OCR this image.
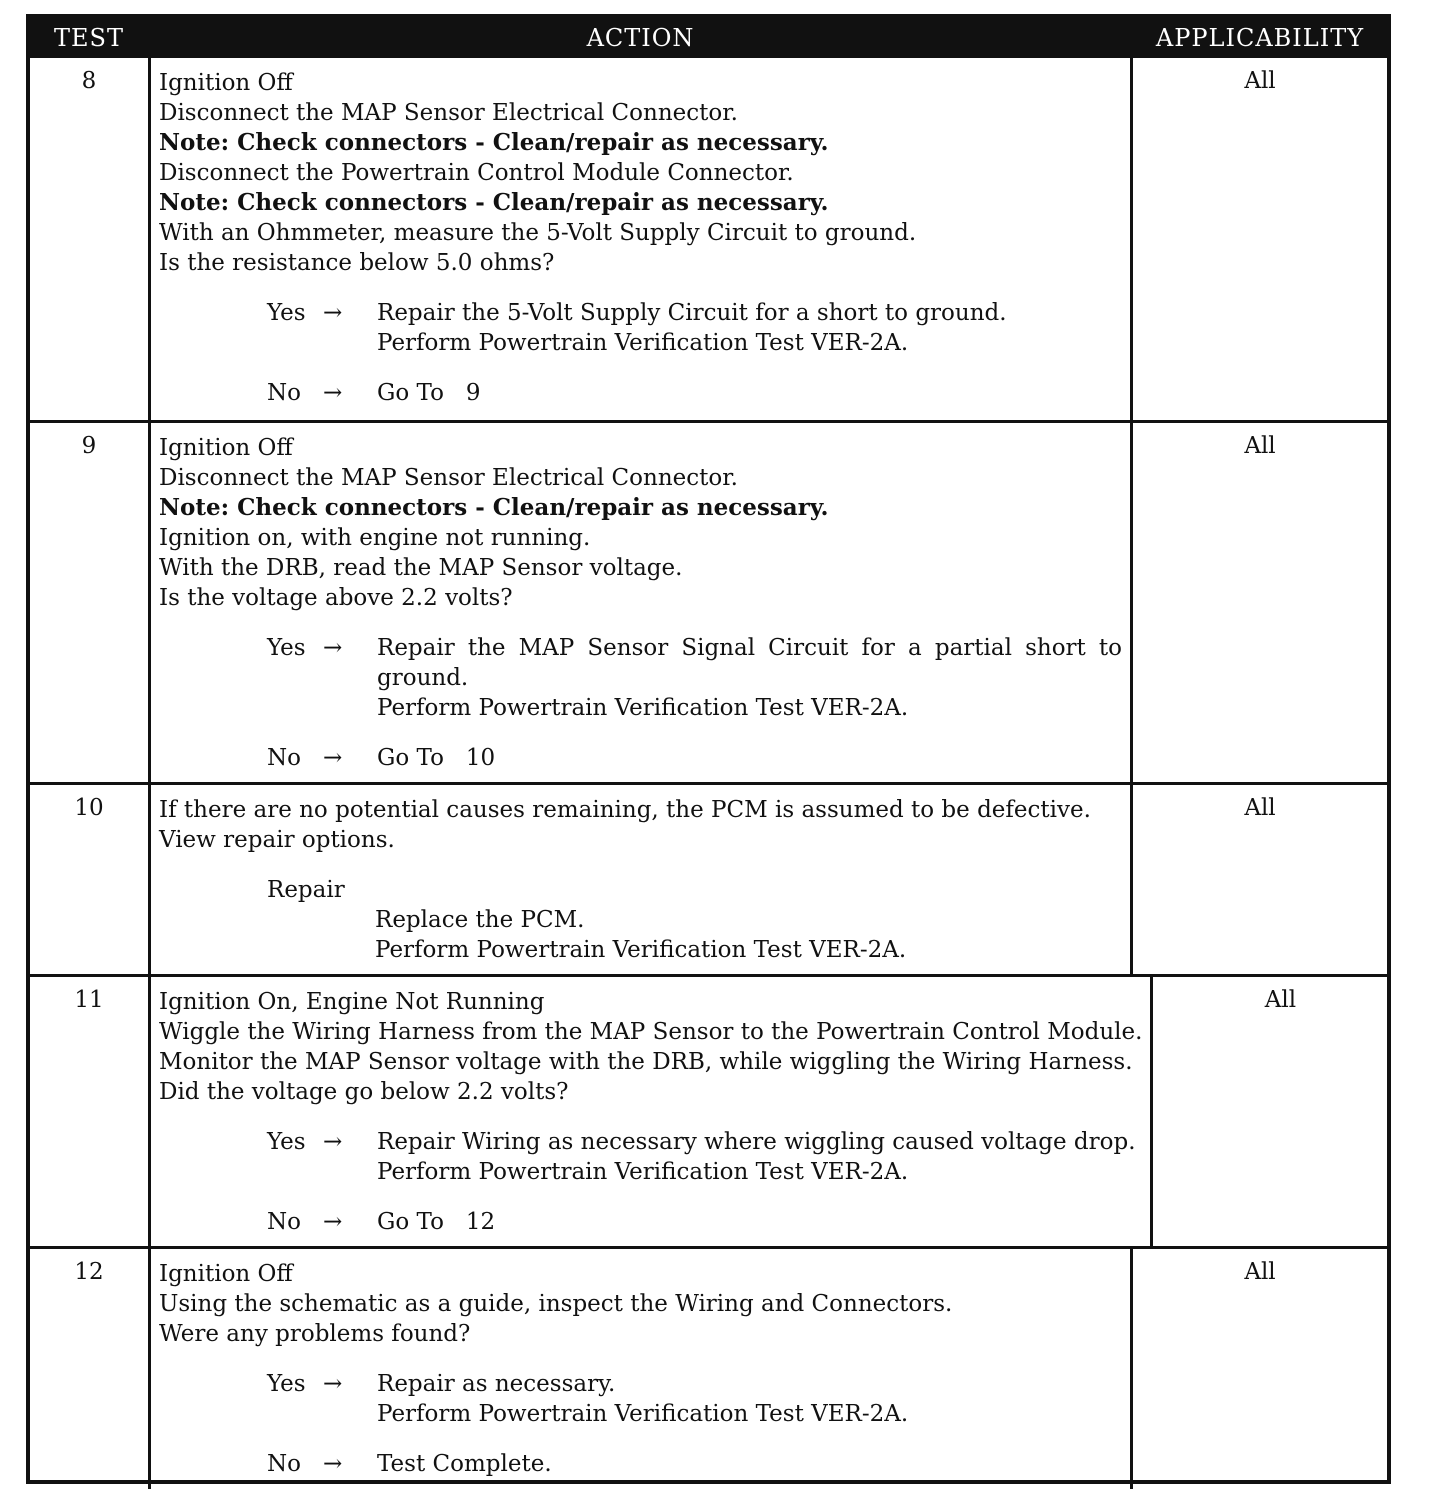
TEST	ACTION	APPLICABILITY
8	Ignition Off
Disconnect the MAP Sensor Electrical Connector.
Note: Check connectors - Clean/repair as necessary.
Disconnect the Powertrain Control Module Connector.
Note: Check connectors - Clean/repair as necessary.
With an Ohmmeter, measure the 5-Volt Supply Circuit to ground.
Is the resistance below 5.0 ohms?
Yes →	Repair the 5-Volt Supply Circuit for a short to ground.
Perform Powertrain Verification Test VER-2A.
No →	Go To   9
All
9	Ignition Off
Disconnect the MAP Sensor Electrical Connector.
Note: Check connectors - Clean/repair as necessary.
Ignition on, with engine not running.
With the DRB, read the MAP Sensor voltage.
Is the voltage above 2.2 volts?
Yes →	Repair the MAP Sensor Signal Circuit for a partial short to ground.
Perform Powertrain Verification Test VER-2A.
No →	Go To   10
All
10	If there are no potential causes remaining, the PCM is assumed to be defective.
View repair options.
Repair
Replace the PCM.
Perform Powertrain Verification Test VER-2A.
All
11	Ignition On, Engine Not Running
Wiggle the Wiring Harness from the MAP Sensor to the Powertrain Control Module.
Monitor the MAP Sensor voltage with the DRB, while wiggling the Wiring Harness.
Did the voltage go below 2.2 volts?
Yes →	Repair Wiring as necessary where wiggling caused voltage drop.
Perform Powertrain Verification Test VER-2A.
No →	Go To   12
All
12	Ignition Off
Using the schematic as a guide, inspect the Wiring and Connectors.
Were any problems found?
Yes →	Repair as necessary.
Perform Powertrain Verification Test VER-2A.
No →	Test Complete.
All
